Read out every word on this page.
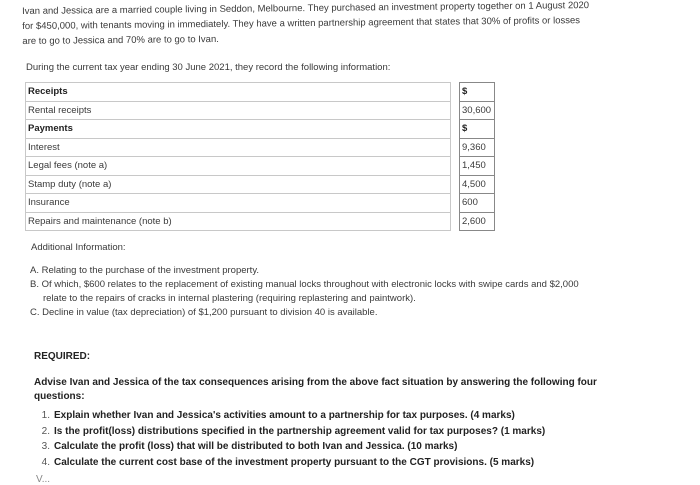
Ivan and Jessica are a married couple living in Seddon, Melbourne. They purchased an investment property together on 1 August 2020

for $450,000, with tenants moving in immediately. They have a written partnership agreement that states that 30% of profits or losses

are to go to Jessica and 70% are to go to Ivan.

During the current tax year ending 30 June 2021, they record the following information:
Receipts		$
Rental receipts		30,600
Payments		$
Interest		9,360
Legal fees (note a)		1,450
Stamp duty (note a)		4,500
Insurance		600
Repairs and maintenance (note b)		2,600
Additional Information:
A. Relating to the purchase of the investment property.
B. Of which, $600 relates to the replacement of existing manual locks throughout with electronic locks with swipe cards and $2,000
relate to the repairs of cracks in internal plastering (requiring replastering and paintwork).
C. Decline in value (tax depreciation) of $1,200 pursuant to division 40 is available.
REQUIRED:
Advise Ivan and Jessica of the tax consequences arising from the above fact situation by answering the following four questions:
1. Explain whether Ivan and Jessica's activities amount to a partnership for tax purposes. (4 marks)
2. Is the profit(loss) distributions specified in the partnership agreement valid for tax purposes? (1 marks)
3. Calculate the profit (loss) that will be distributed to both Ivan and Jessica. (10 marks)
4. Calculate the current cost base of the investment property pursuant to the CGT provisions. (5 marks)
V...
